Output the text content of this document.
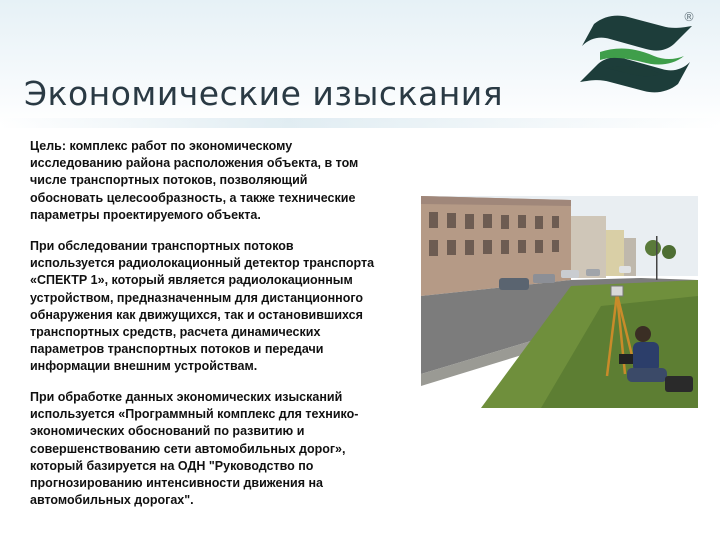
®
Экономические изыскания
Цель: комплекс работ по экономическому
исследованию района расположения объекта, в том
числе транспортных потоков, позволяющий
обосновать целесообразность, а также технические
параметры проектируемого объекта.
При обследовании транспортных потоков
используется радиолокационный детектор транспорта
«СПЕКТР 1», который является радиолокационным
устройством, предназначенным для дистанционного
обнаружения как движущихся, так и остановившихся
транспортных средств, расчета динамических
параметров транспортных потоков и передачи
информации внешним устройствам.
При обработке данных экономических изысканий
используется «Программный комплекс для технико-
экономических обоснований по развитию и
совершенствованию сети автомобильных дорог»,
который базируется на ОДН "Руководство по
прогнозированию интенсивности движения на
автомобильных дорогах".
